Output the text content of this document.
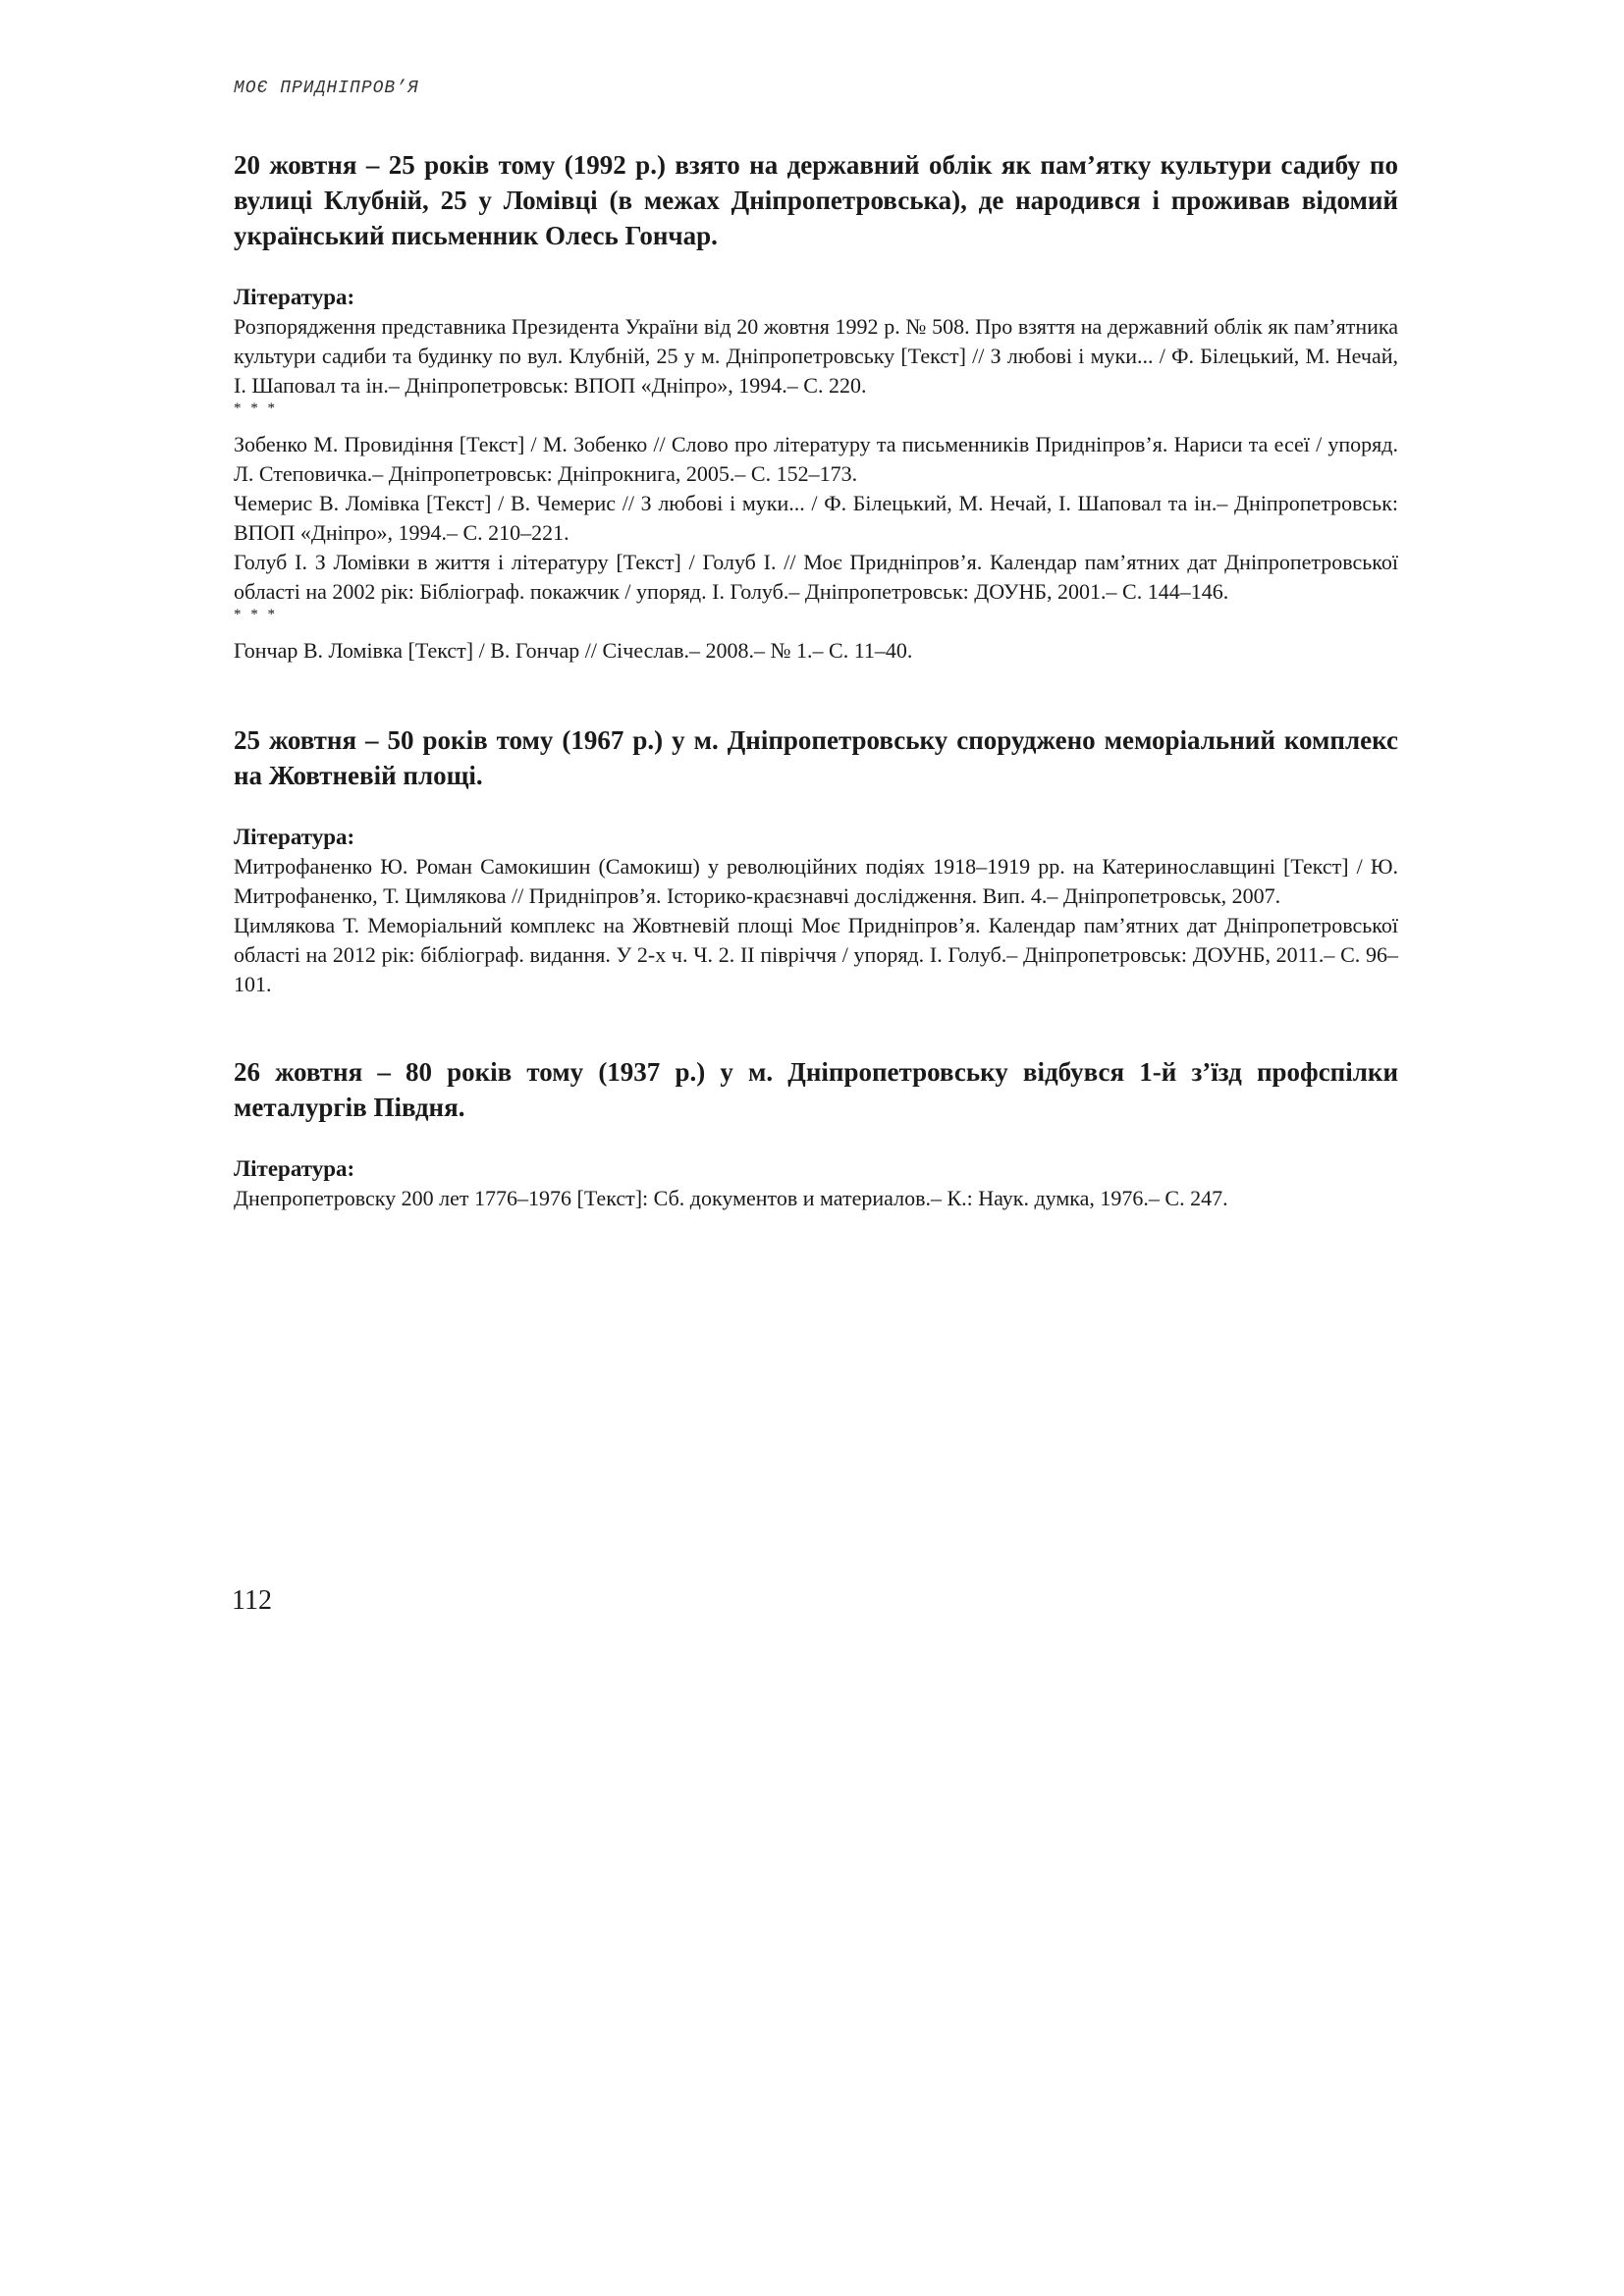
МОЄ ПРИДНІПРОВ’Я

20 жовтня – 25 років тому (1992 р.) взято на державний облік як пам’ятку культури садибу по вулиці Клубній, 25 у Ломівці (в межах Дніпропетровська), де народився і проживав відомий український письменник Олесь Гончар.

Література:

Розпорядження представника Президента України від 20 жовтня 1992 р. № 508. Про взяття на державний облік як пам’ятника культури садиби та будинку по вул. Клубній, 25 у м. Дніпропетровську [Текст] // З любові і муки... / Ф. Білецький, М. Нечай, І. Шаповал та ін.– Дніпропетровськ: ВПОП «Дніпро», 1994.– С. 220.

* * *

Зобенко М. Провидіння [Текст] / М. Зобенко // Слово про літературу та письменників Придніпров’я. Нариси та есеї / упоряд. Л. Степовичка.– Дніпропетровськ: Дніпрокнига, 2005.– С. 152–173.

Чемерис В. Ломівка [Текст] / В. Чемерис // З любові і муки... / Ф. Білецький, М. Нечай, І. Шаповал та ін.– Дніпропетровськ: ВПОП «Дніпро», 1994.– С. 210–221.

Голуб І. З Ломівки в життя і літературу [Текст] / Голуб І. // Моє Придніпров’я. Календар пам’ятних дат Дніпропетровської області на 2002 рік: Бібліограф. покажчик / упоряд. І. Голуб.– Дніпропетровськ: ДОУНБ, 2001.– С. 144–146.

* * *

Гончар В. Ломівка [Текст] / В. Гончар // Січеслав.– 2008.– № 1.– С. 11–40.

25 жовтня – 50 років тому (1967 р.) у м. Дніпропетровську споруджено меморіальний комплекс на Жовтневій площі.

Література:

Митрофаненко Ю. Роман Самокишин (Самокиш) у революційних подіях 1918–1919 рр. на Катеринославщині [Текст] / Ю. Митрофаненко, Т. Цимлякова // Придніпров’я. Історико-краєзнавчі дослідження. Вип. 4.– Дніпропетровськ, 2007.

Цимлякова Т. Меморіальний комплекс на Жовтневій площі Моє Придніпров’я. Календар пам’ятних дат Дніпропетровської області на 2012 рік: бібліограф. видання. У 2-х ч. Ч. 2. ІІ півріччя / упоряд. І. Голуб.– Дніпропетровськ: ДОУНБ, 2011.– С. 96–101.

26 жовтня – 80 років тому (1937 р.) у м. Дніпропетровську відбувся 1-й з’їзд профспілки металургів Півдня.

Література:

Днепропетровску 200 лет 1776–1976 [Текст]: Сб. документов и материалов.– К.: Наук. думка, 1976.– С. 247.

112
